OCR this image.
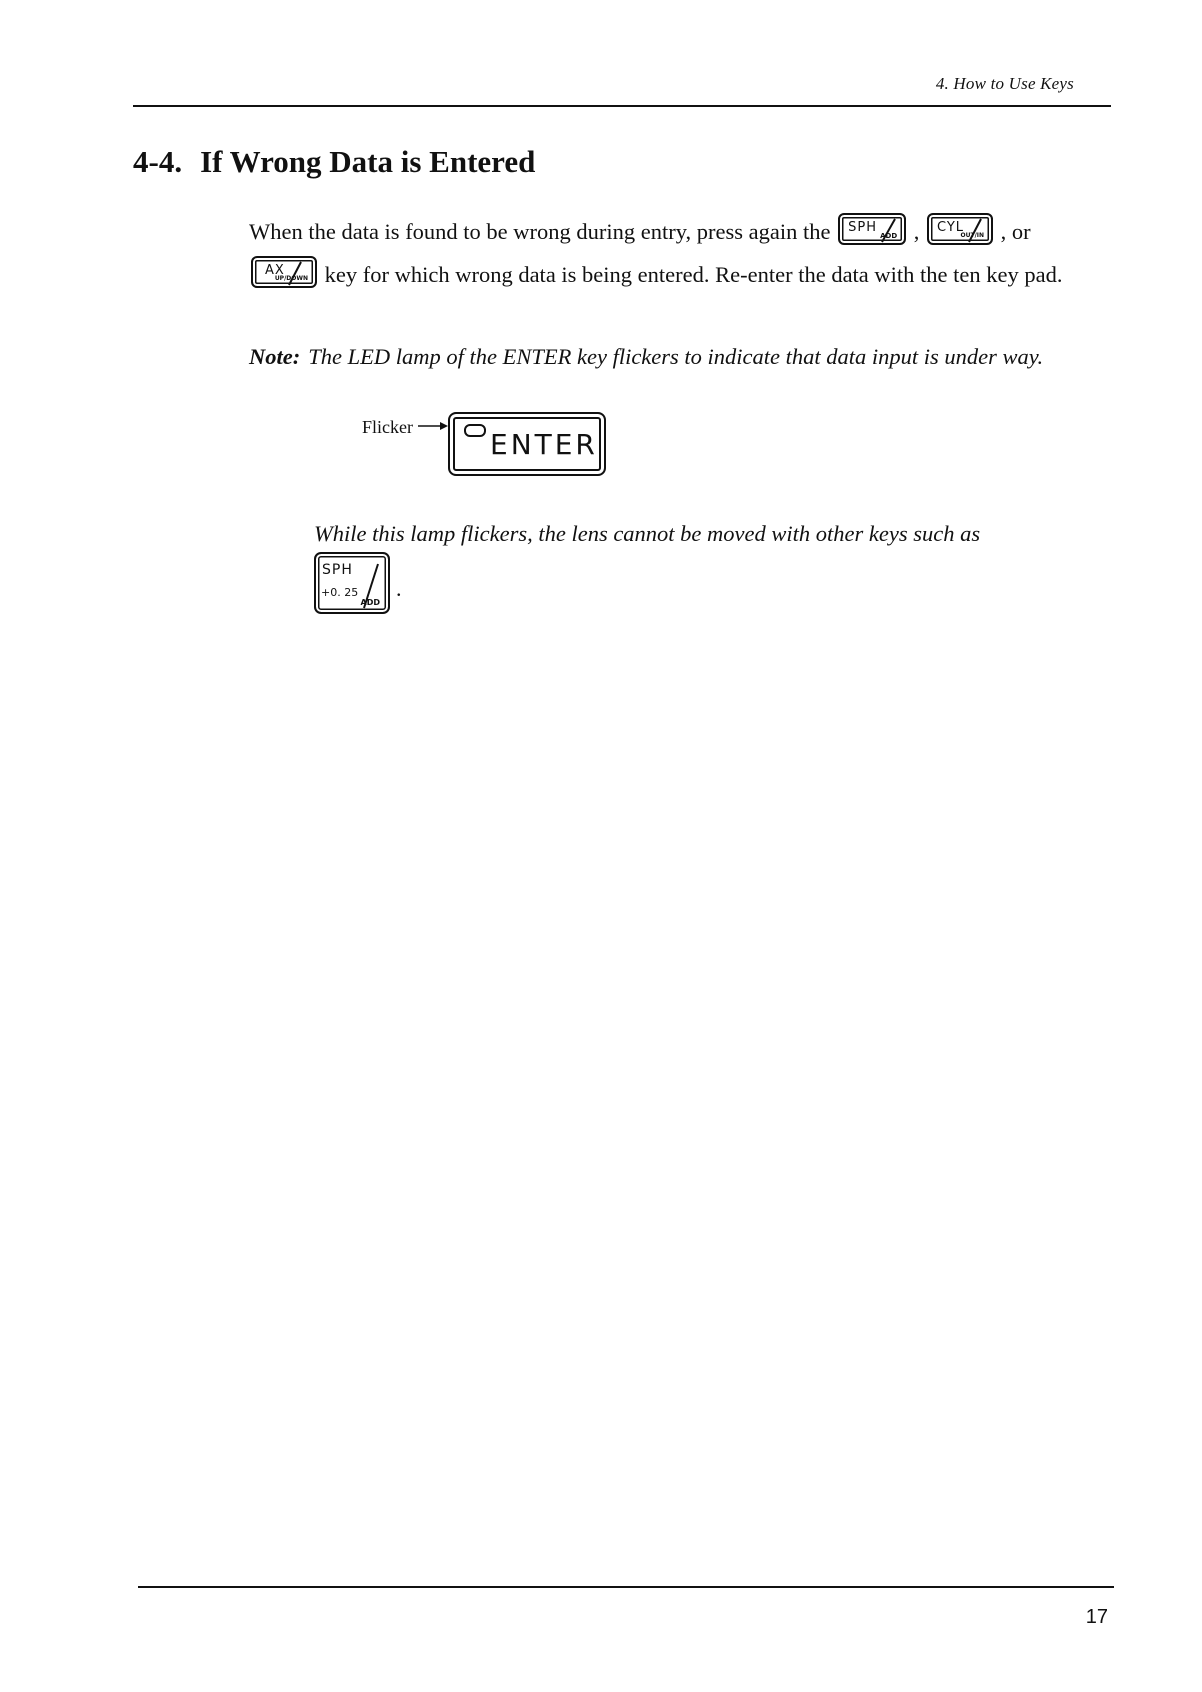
4. How to Use Keys
4-4. If Wrong Data is Entered

When the data is found to be wrong during entry, press again the SPH
ADD , CYL
OUT/IN , or

AX
UP/DOWN key for which wrong data is being entered. Re-enter the data with the ten key pad.

Note: The LED lamp of the ENTER key flickers to indicate that data input is under way.
Flicker
ENTER
While this lamp flickers, the lens cannot be moved with other keys such as
SPH
+0. 25
ADD
.
17
